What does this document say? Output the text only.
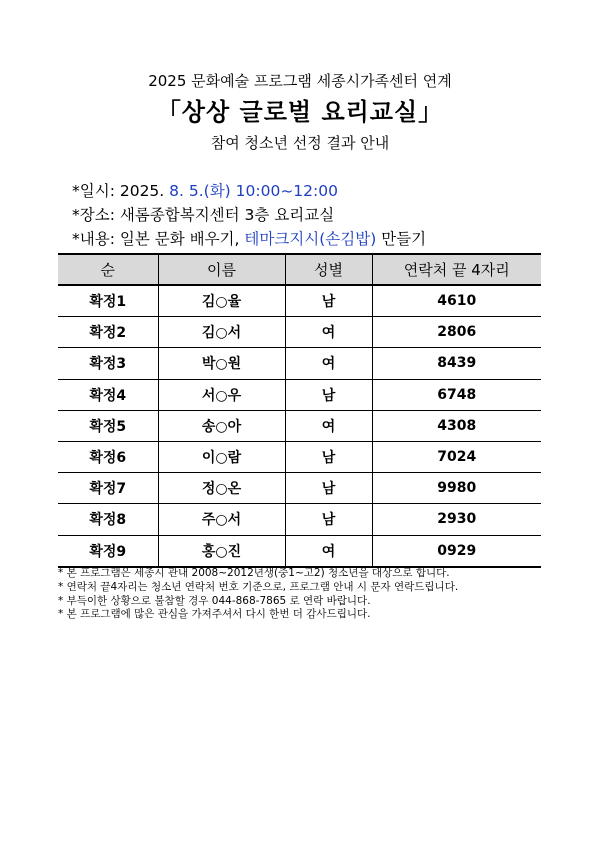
2025 문화예술 프로그램 세종시가족센터 연계
「상상 글로벌 요리교실」
참여 청소년 선정 결과 안내
*일시: 2025. 8. 5.(화) 10:00~12:00
*장소: 새롬종합복지센터 3층 요리교실
*내용: 일본 문화 배우기, 테마크지시(손김밥) 만들기
순	이름	성별	연락처 끝 4자리
확정1	김○율	남	4610
확정2	김○서	여	2806
확정3	박○원	여	8439
확정4	서○우	남	6748
확정5	송○아	여	4308
확정6	이○람	남	7024
확정7	정○온	남	9980
확정8	주○서	남	2930
확정9	홍○진	여	0929
* 본 프로그램은 세종시 관내 2008~2012년생(중1~고2) 청소년을 대상으로 합니다.
* 연락처 끝4자리는 청소년 연락처 번호 기준으로, 프로그램 안내 시 문자 연락드립니다.
* 부득이한 상황으로 불참할 경우 044-868-7865 로 연락 바랍니다.
* 본 프로그램에 많은 관심을 가져주셔서 다시 한번 더 감사드립니다.
